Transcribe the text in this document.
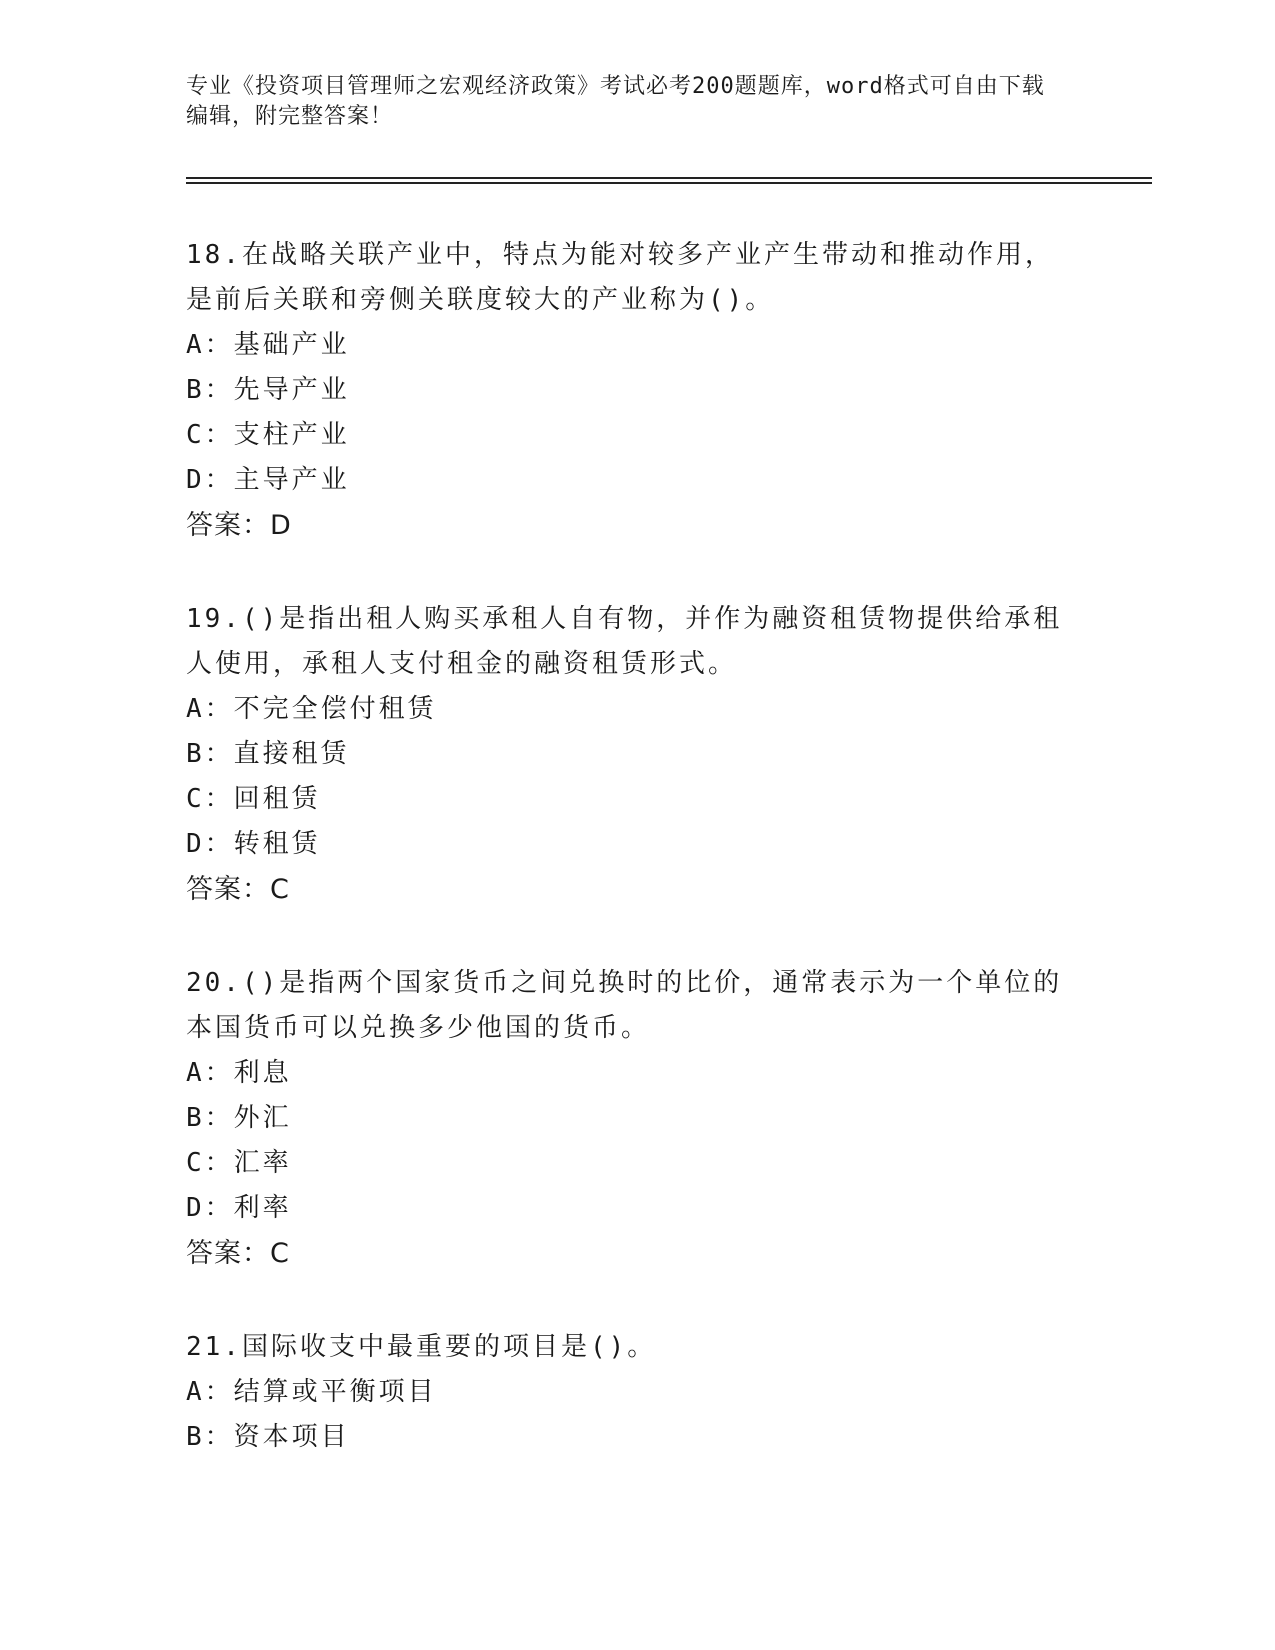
专业《投资项目管理师之宏观经济政策》考试必考200题题库，word格式可自由下载编辑，附完整答案！
18.在战略关联产业中，特点为能对较多产业产生带动和推动作用，是前后关联和旁侧关联度较大的产业称为()。
A：基础产业
B：先导产业
C：支柱产业
D：主导产业
答案：D
19.()是指出租人购买承租人自有物，并作为融资租赁物提供给承租人使用，承租人支付租金的融资租赁形式。
A：不完全偿付租赁
B：直接租赁
C：回租赁
D：转租赁
答案：C
20.()是指两个国家货币之间兑换时的比价，通常表示为一个单位的本国货币可以兑换多少他国的货币。
A：利息
B：外汇
C：汇率
D：利率
答案：C
21.国际收支中最重要的项目是()。
A：结算或平衡项目
B：资本项目
